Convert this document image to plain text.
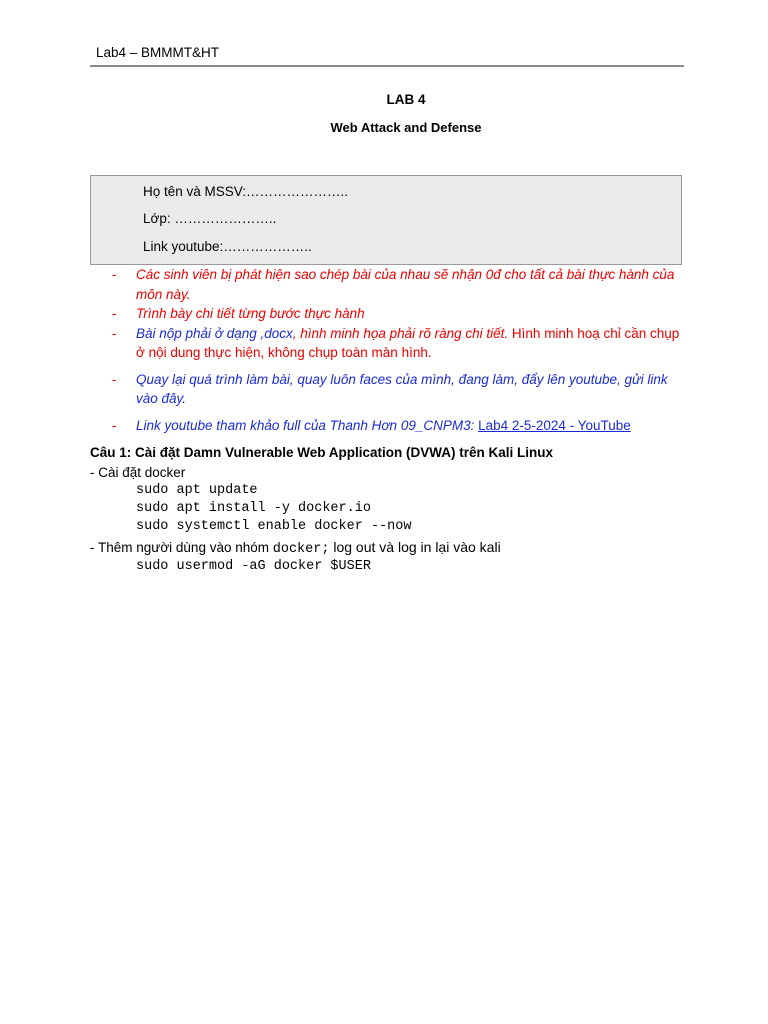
Lab4 – BMMMT&HT
LAB 4
Web Attack and Defense
Họ tên và MSSV:…………………..
Lớp: …………………..
Link youtube:………………..
- Các sinh viên bị phát hiện sao chép bài của nhau sẽ nhận 0đ cho tất cả bài thực hành của môn này.
- Trình bày chi tiết từng bước thực hành
- Bài nộp phải ở dạng ,docx, hình minh họa phải rõ ràng chi tiết. Hình minh hoạ chỉ cần chụp ở nội dung thực hiện, không chụp toàn màn hình.
- Quay lại quá trình làm bài, quay luôn faces của mình, đang làm, đẩy lên youtube, gửi link vào đây.
- Link youtube tham khảo full của Thanh Hơn 09_CNPM3: Lab4 2-5-2024 - YouTube
Câu 1: Cài đặt Damn Vulnerable Web Application (DVWA) trên Kali Linux
- Cài đặt docker
sudo apt update
sudo apt install -y docker.io
sudo systemctl enable docker --now
- Thêm người dùng vào nhóm docker; log out và log in lại vào kali
sudo usermod -aG docker $USER
